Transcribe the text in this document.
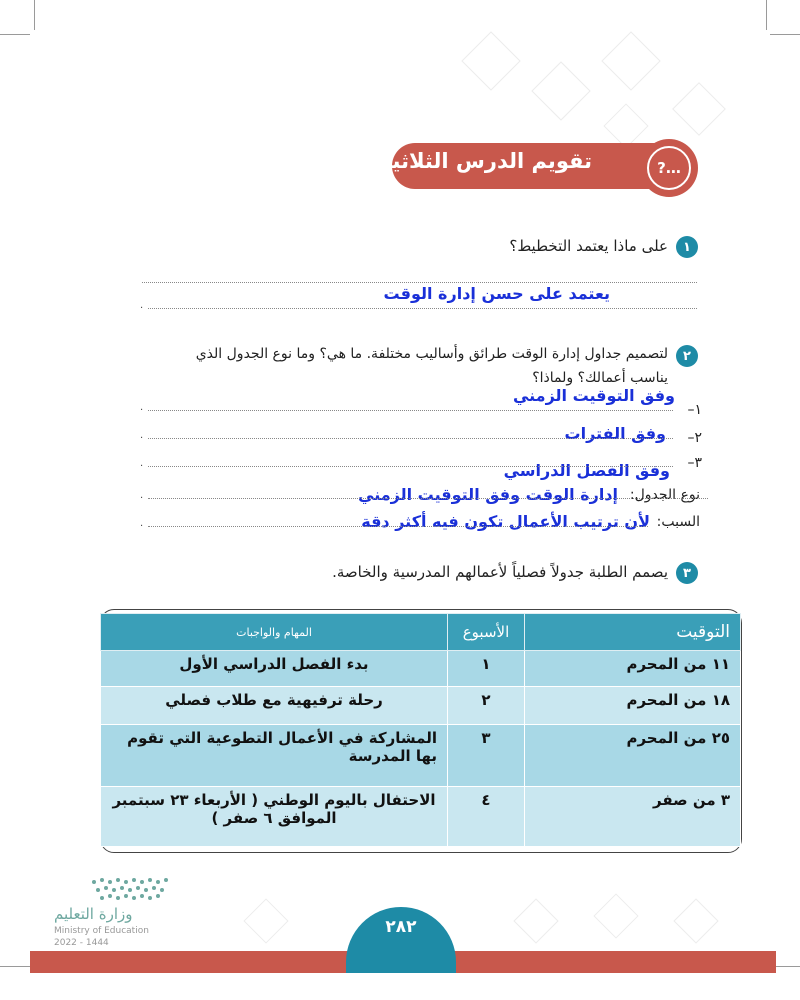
تقويم الدرس الثلاثين	?…
١
على ماذا يعتمد التخطيط؟
يعتمد على حسن إدارة الوقت
.
٢
لتصميم جداول إدارة الوقت طرائق وأساليب مختلفة. ما هي؟ وما نوع الجدول الذي
يناسب أعمالك؟ ولماذا؟
١–
وفق التوقيت الزمني
.
٢–
وفق الفترات
.
٣–
وفق الفصل الدراسي
.
نوع الجدول:
إدارة الوقت وفق التوقيت الزمني
.
السبب:
لأن ترتيب الأعمال تكون فيه أكثر دقة
.
٣
يصمم الطلبة جدولاً فصلياً لأعمالهم المدرسية والخاصة.
التوقيت	الأسبوع	المهام والواجبات
١١ من المحرم	١	بدء الفصل الدراسي الأول
١٨ من المحرم	٢	رحلة ترفيهية مع طلاب فصلي
٢٥ من المحرم	٣	المشاركة في الأعمال التطوعية التي تقوم بها المدرسة
٣ من صفر	٤	الاحتفال باليوم الوطني ( الأربعاء ٢٣ سبتمبر الموافق ٦ صفر )
وزارة التعليم
Ministry of Education
2022 - 1444
٢٨٢
